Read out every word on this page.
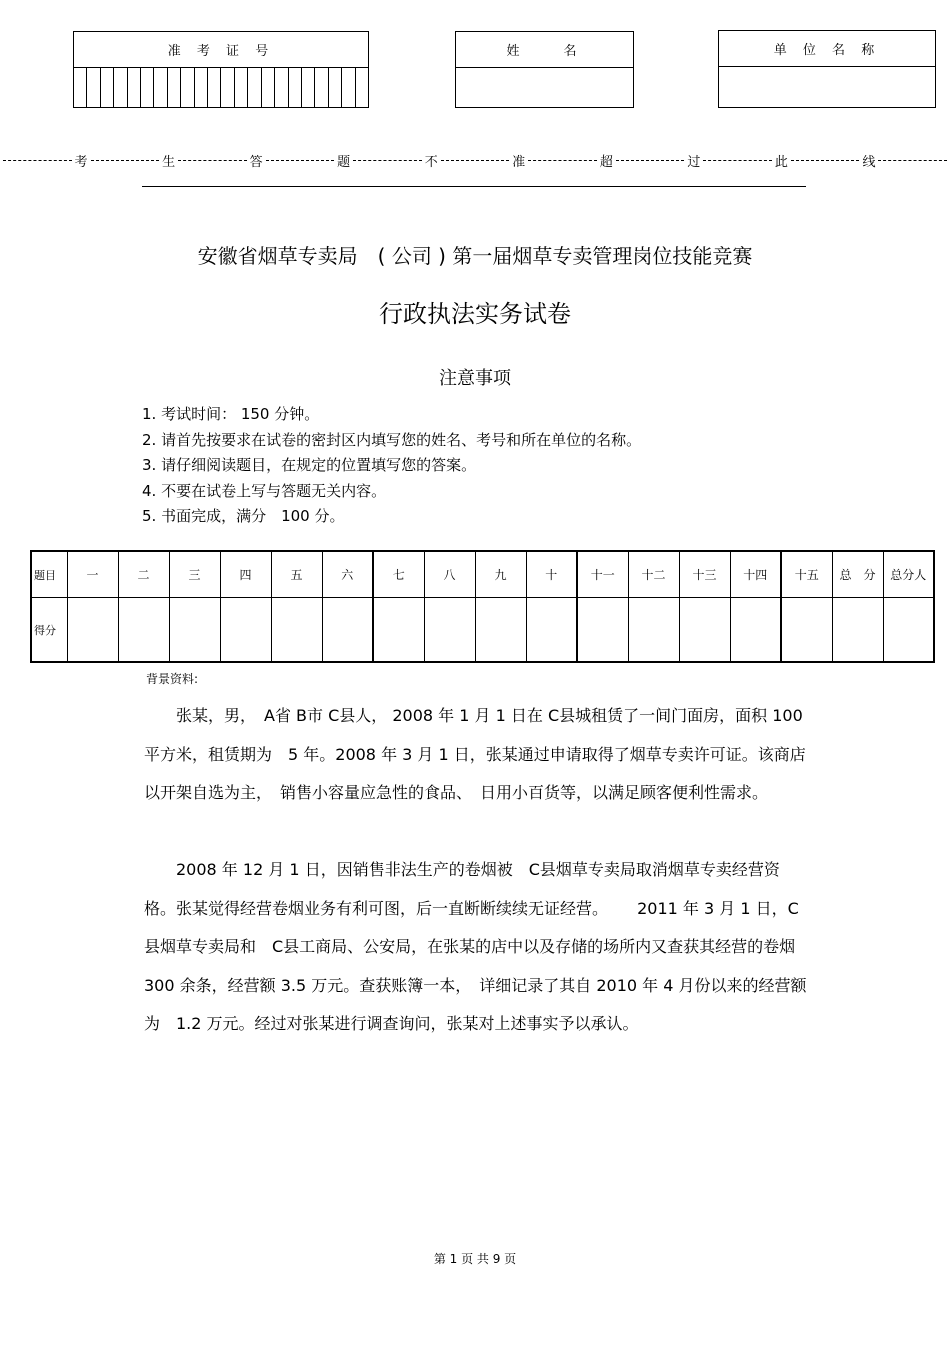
准 考 证 号	姓　　名	单 位 名 称
考	生	答	题	不	准	超	过	此	线
安徽省烟草专卖局　( 公司 ) 第一届烟草专卖管理岗位技能竞赛
行政执法实务试卷
注意事项
1. 考试时间： 150 分钟。
2. 请首先按要求在试卷的密封区内填写您的姓名、考号和所在单位的名称。
3. 请仔细阅读题目，在规定的位置填写您的答案。
4. 不要在试卷上写与答题无关内容。
5. 书面完成，满分　100 分。
题目	一	二	三	四	五	六	七	八	九	十	十一	十二	十三	十四	十五	总　分	总分人
得分																	
背景资料:

张某，男，　A省 B市 C县人， 2008 年 1 月 1 日在 C县城租赁了一间门面房，面积 100 平方米，租赁期为　5 年。2008 年 3 月 1 日，张某通过申请取得了烟草专卖许可证。该商店以开架自选为主，　销售小容量应急性的食品、　日用小百货等，以满足顾客便利性需求。

2008 年 12 月 1 日，因销售非法生产的卷烟被　C县烟草专卖局取消烟草专卖经营资格。张某觉得经营卷烟业务有利可图，后一直断断续续无证经营。　　 2011 年 3 月 1 日，C县烟草专卖局和　C县工商局、公安局，在张某的店中以及存储的场所内又查获其经营的卷烟　300 余条，经营额 3.5 万元。查获账簿一本，　详细记录了其自 2010 年 4 月份以来的经营额为　1.2 万元。经过对张某进行调查询问，张某对上述事实予以承认。

第 1 页 共 9 页
